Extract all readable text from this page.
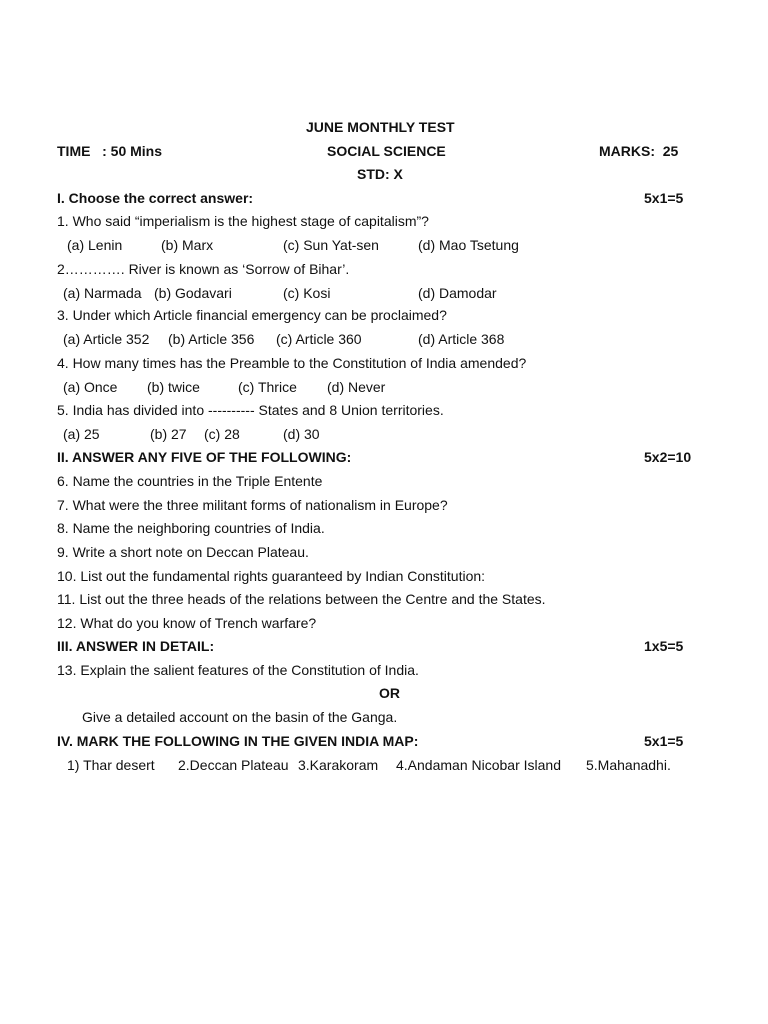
JUNE MONTHLY TEST
TIME   : 50 Mins	SOCIAL SCIENCE	MARKS:  25
STD: X
I. Choose the correct answer:	5x1=5
1. Who said “imperialism is the highest stage of capitalism”?
(a) Lenin	(b) Marx	(c) Sun Yat-sen	(d) Mao Tsetung
2…………. River is known as ‘Sorrow of Bihar’.
(a) Narmada (b) Godavari	(c) Kosi	(d) Damodar
3. Under which Article financial emergency can be proclaimed?
(a) Article 352 (b) Article 356 (c) Article 360	(d) Article 368
4. How many times has the Preamble to the Constitution of India amended?
(a) Once (b) twice	(c) Thrice (d) Never
5. India has divided into ---------- States and 8 Union territories.
(a) 25	(b) 27 (c) 28	(d) 30
II. ANSWER ANY FIVE OF THE FOLLOWING:	5x2=10
6. Name the countries in the Triple Entente
7. What were the three militant forms of nationalism in Europe?
8. Name the neighboring countries of India.
9. Write a short note on Deccan Plateau.
10. List out the fundamental rights guaranteed by Indian Constitution:
11. List out the three heads of the relations between the Centre and the States.
12. What do you know of Trench warfare?
III. ANSWER IN DETAIL:	1x5=5
13. Explain the salient features of the Constitution of India.
OR
Give a detailed account on the basin of the Ganga.
IV. MARK THE FOLLOWING IN THE GIVEN INDIA MAP:	5x1=5
1) Thar desert 2.Deccan Plateau 3.Karakoram 4.Andaman Nicobar Island 5.Mahanadhi.
